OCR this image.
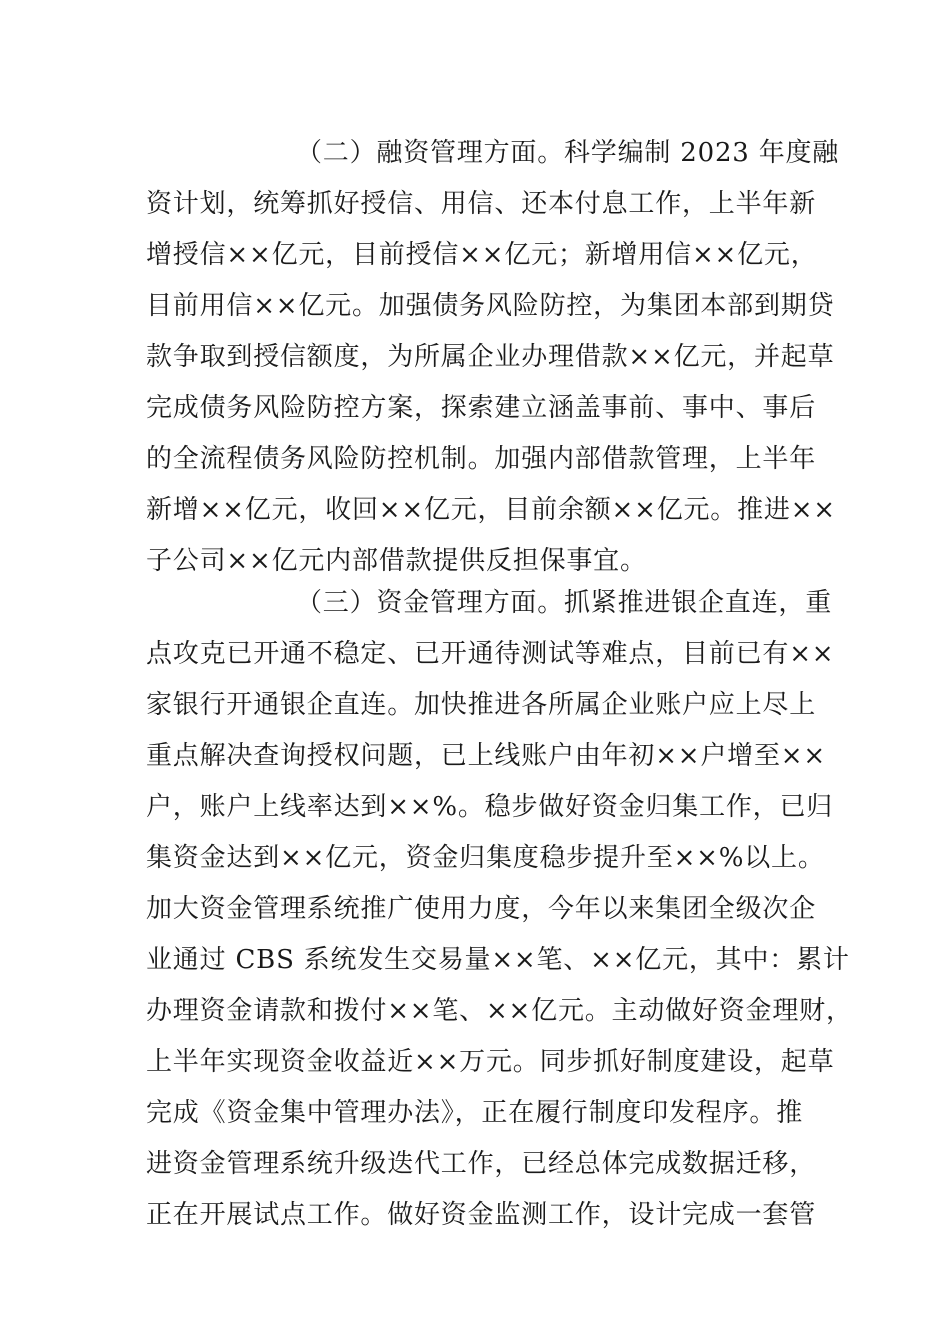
（二）融资管理方面。科学编制 2023 年度融
资计划，统筹抓好授信、用信、还本付息工作，上半年新
增授信××亿元，目前授信××亿元；新增用信××亿元，
目前用信××亿元。加强债务风险防控，为集团本部到期贷
款争取到授信额度，为所属企业办理借款××亿元，并起草
完成债务风险防控方案，探索建立涵盖事前、事中、事后
的全流程债务风险防控机制。加强内部借款管理，上半年
新增××亿元，收回××亿元，目前余额××亿元。推进××
子公司××亿元内部借款提供反担保事宜。
（三）资金管理方面。抓紧推进银企直连，重
点攻克已开通不稳定、已开通待测试等难点，目前已有××
家银行开通银企直连。加快推进各所属企业账户应上尽上
重点解决查询授权问题，已上线账户由年初××户增至××
户，账户上线率达到××%。稳步做好资金归集工作，已归
集资金达到××亿元，资金归集度稳步提升至××%以上。
加大资金管理系统推广使用力度，今年以来集团全级次企
业通过 CBS 系统发生交易量××笔、××亿元，其中：累计
办理资金请款和拨付××笔、××亿元。主动做好资金理财，
上半年实现资金收益近××万元。同步抓好制度建设，起草
完成《资金集中管理办法》，正在履行制度印发程序。推
进资金管理系统升级迭代工作，已经总体完成数据迁移，
正在开展试点工作。做好资金监测工作，设计完成一套管
